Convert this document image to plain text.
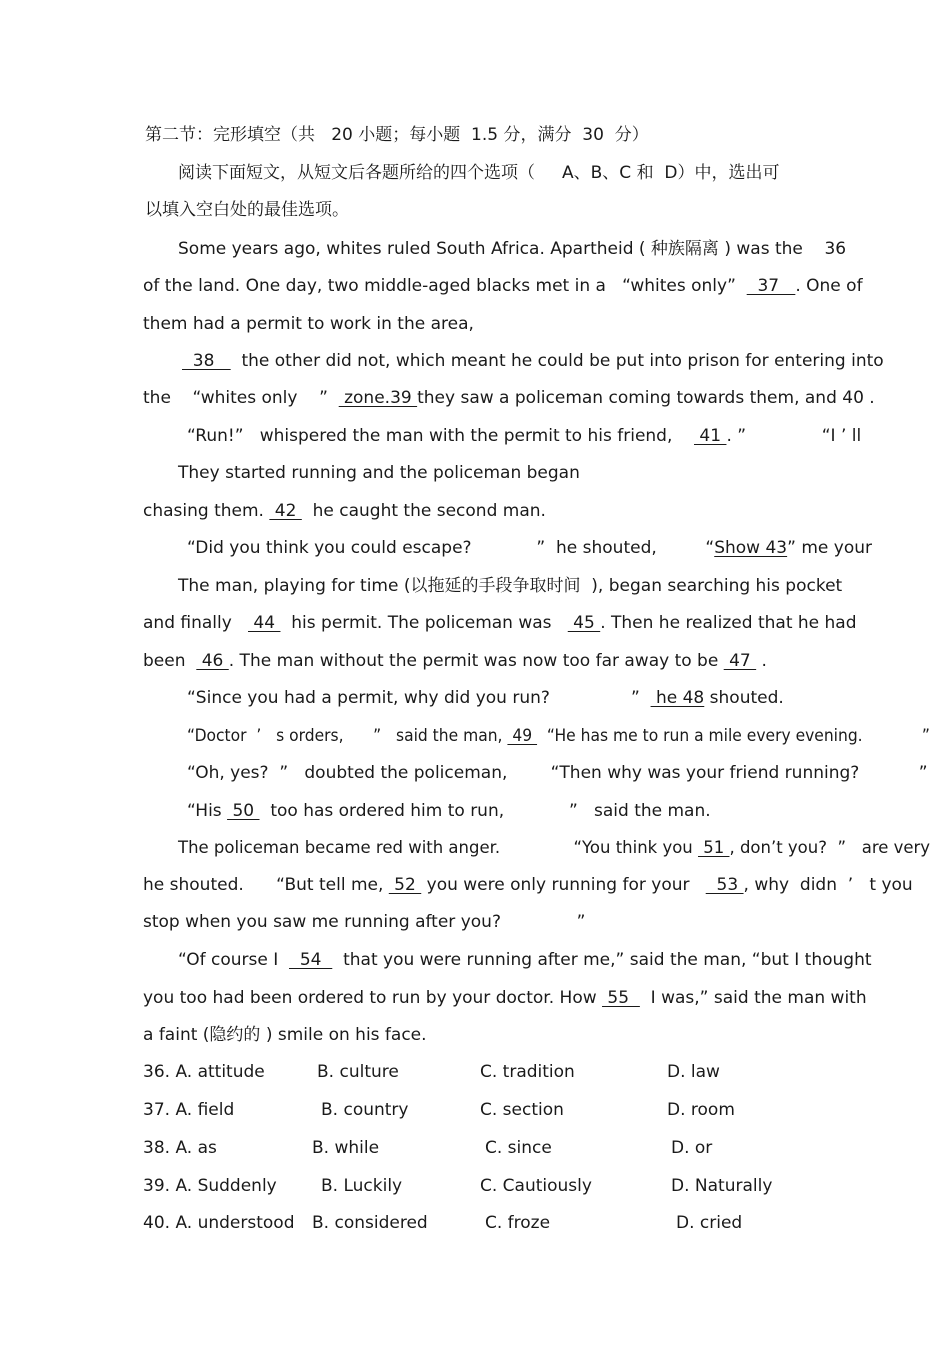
第二节：完形填空（共   20 小题；每小题  1.5 分，满分  30  分）
阅读下面短文，从短文后各题所给的四个选项（     A、B、C 和  D）中，选出可
以填入空白处的最佳选项。
Some years ago, whites ruled South Africa. Apartheid ( 种族隔离 ) was the    36
of the land. One day, two middle-aged blacks met in a   “whites only”    37   . One of
them had a permit to work in the area,
38     the other did not, which meant he could be put into prison for entering into
the    “whites only    ”   zone.39 they saw a policeman coming towards them, and 40 .
“Run!”   whispered the man with the permit to his friend,     41 . ”              “I ’ ll
They started running and the policeman began
chasing them.  42   he caught the second man.
“Did you think you could escape?            ”  he shouted,         “Show 43” me your
The man, playing for time (以拖延的手段争取时间  ), began searching his pocket
and finally    44   his permit. The policeman was    45 . Then he realized that he had
been   46 . The man without the permit was now too far away to be  47  .
“Since you had a permit, why did you run?               ”   he 48 shouted.
“Doctor  ’   s orders,      ”   said the man,  49   “He has me to run a mile every evening.            ”
“Oh, yes?  ”   doubted the policeman,        “Then why was your friend running?           ”
“His  50   too has ordered him to run,            ”   said the man.
The policeman became red with anger.              “You think you  51 , don’t you?  ”   are very
he shouted.      “But tell me,  52  you were only running for your     53 , why  didn  ’   t you
stop when you saw me running after you?              ”
“Of course I    54    that you were running after me,” said the man, “but I thought
you too had been ordered to run by your doctor. How  55    I was,” said the man with
a faint (隐约的 ) smile on his face.
36. A. attitude	B. culture	C. tradition	D. law
37. A. field	B. country	C. section	D. room
38. A. as	B. while	C. since	D. or
39. A. Suddenly	B. Luckily	C. Cautiously	D. Naturally
40. A. understood B. considered	C. froze	D. cried
